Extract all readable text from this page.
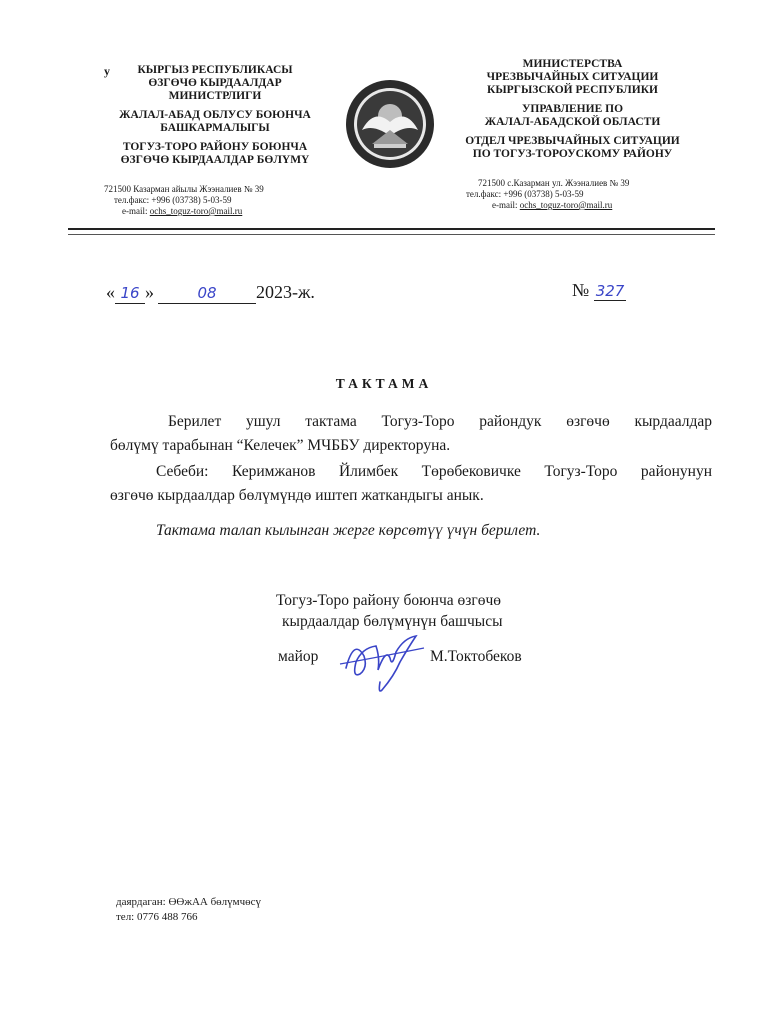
у	КЫРГЫЗ РЕСПУБЛИКАСЫ
ӨЗГӨЧӨ КЫРДААЛДАР
МИНИСТРЛИГИ
ЖАЛАЛ-АБАД ОБЛУСУ БОЮНЧА
БАШКАРМАЛЫГЫ
ТОГУЗ-ТОРО РАЙОНУ БОЮНЧА
ӨЗГӨЧӨ КЫРДААЛДАР БӨЛҮМҮ
721500 Казарман айылы Жээналиев № 39
тел.факс: +996 (03738) 5-03-59
e-mail: ochs_toguz-toro@mail.ru
МИНИСТЕРСТВА
ЧРЕЗВЫЧАЙНЫХ СИТУАЦИИ
КЫРГЫЗСКОЙ РЕСПУБЛИКИ
УПРАВЛЕНИЕ ПО
ЖАЛАЛ-АБАДСКОЙ ОБЛАСТИ
ОТДЕЛ ЧРЕЗВЫЧАЙНЫХ СИТУАЦИИ
ПО ТОГУЗ-ТОРОУСКОМУ РАЙОНУ
721500 с.Казарман ул. Жээналиев № 39
тел.факс: +996 (03738) 5-03-59
e-mail: ochs_toguz-toro@mail.ru
« 16 »	08 2023-ж.	№ 327
ТАКТАМА
Берилет ушул тактама Тогуз-Торо райондук өзгөчө кырдаалдар
бөлүмү тарабынан “Келечек” МЧББУ директоруна.
Себеби: Керимжанов Йлимбек Төрөбековичке Тогуз-Торо районунун
өзгөчө кырдаалдар бөлүмүндө иштеп жаткандыгы анык.
Тактама талап кылынган жерге көрсөтүү үчүн берилет.
Тогуз-Торо району боюнча өзгөчө
кырдаалдар бөлүмүнүн башчысы
майор	М.Токтобеков
даярдаган: ӨӨжАА бөлүмчөсү
тел: 0776 488 766
